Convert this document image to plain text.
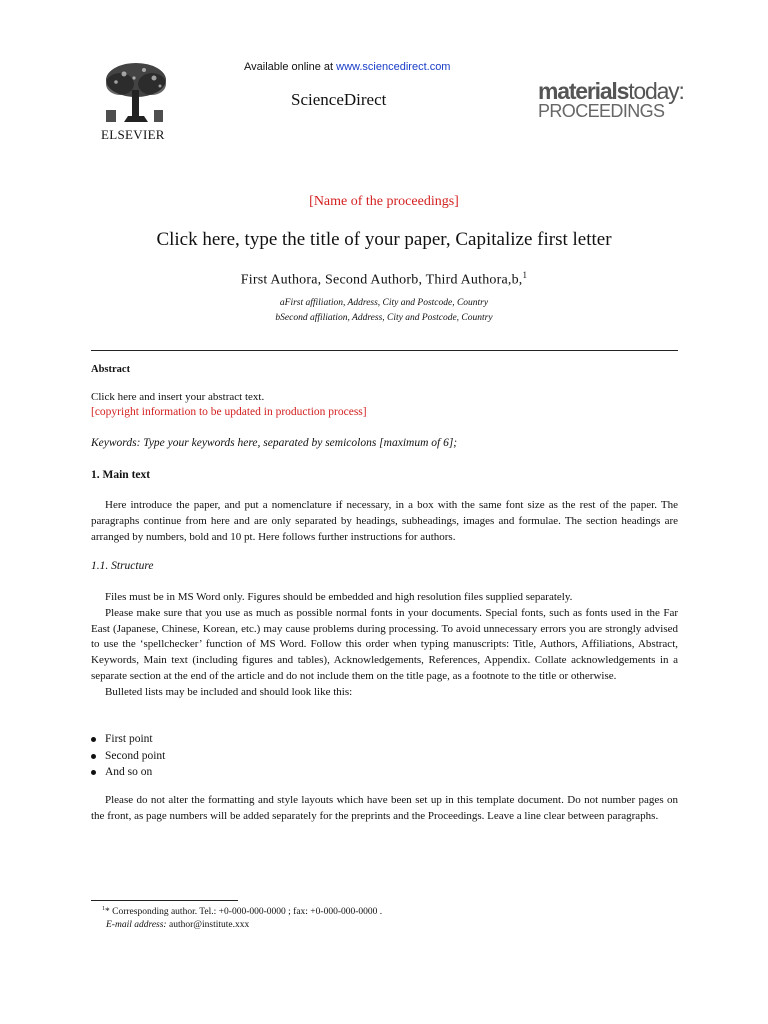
ELSEVIER
Available online at www.sciencedirect.com
ScienceDirect	materialstoday:
PROCEEDINGS
[Name of the proceedings]
Click here, type the title of your paper, Capitalize first letter
First Authora, Second Authorb, Third Authora,b,$^1$
aFirst affiliation, Address, City and Postcode, Country
bSecond affiliation, Address, City and Postcode, Country
Abstract
Click here and insert your abstract text.
[copyright information to be updated in production process]
Keywords: Type your keywords here, separated by semicolons [maximum of 6];
1. Main text

Here introduce the paper, and put a nomenclature if necessary, in a box with the same font size as the rest of the paper. The paragraphs continue from here and are only separated by headings, subheadings, images and formulae. The section headings are arranged by numbers, bold and 10 pt. Here follows further instructions for authors.

1.1. Structure

Files must be in MS Word only. Figures should be embedded and high resolution files supplied separately.

Please make sure that you use as much as possible normal fonts in your documents. Special fonts, such as fonts used in the Far East (Japanese, Chinese, Korean, etc.) may cause problems during processing. To avoid unnecessary errors you are strongly advised to use the ‘spellchecker’ function of MS Word. Follow this order when typing manuscripts: Title, Authors, Affiliations, Abstract, Keywords, Main text (including figures and tables), Acknowledgements, References, Appendix. Collate acknowledgements in a separate section at the end of the article and do not include them on the title page, as a footnote to the title or otherwise.

Bulleted lists may be included and should look like this:

First point
Second point
And so on

Please do not alter the formatting and style layouts which have been set up in this template document. Do not number pages on the front, as page numbers will be added separately for the preprints and the Proceedings. Leave a line clear between paragraphs.

$^1$* Corresponding author. Tel.: +0-000-000-0000 ; fax: +0-000-000-0000 .
E-mail address: author@institute.xxx
